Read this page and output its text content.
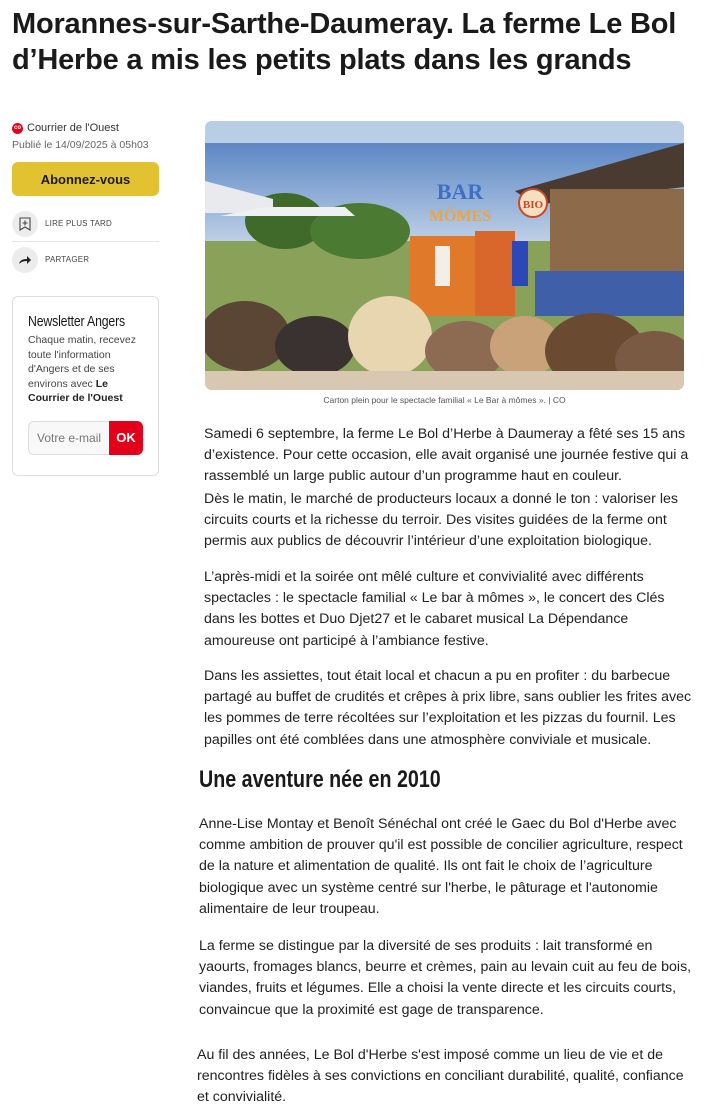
Morannes-sur-Sarthe-Daumeray. La ferme Le Bol d’Herbe a mis les petits plats dans les grands
co Courrier de l'Ouest
Publié le 14/09/2025 à 05h03
Abonnez-vous
LIRE PLUS TARD
PARTAGER
Newsletter Angers
Chaque matin, recevez toute l'information d'Angers et de ses environs avec Le Courrier de l'Ouest
Votre e-mail
OK
BAR
MÔMES
BIO
Carton plein pour le spectacle familial « Le Bar à mômes ». | CO

Samedi 6 septembre, la ferme Le Bol d’Herbe à Daumeray a fêté ses 15 ans d’existence. Pour cette occasion, elle avait organisé une journée festive qui a rassemblé un large public autour d’un programme haut en couleur.

Dès le matin, le marché de producteurs locaux a donné le ton : valoriser les circuits courts et la richesse du terroir. Des visites guidées de la ferme ont permis aux publics de découvrir l’intérieur d’une exploitation biologique.

L’après-midi et la soirée ont mêlé culture et convivialité avec différents spectacles : le spectacle familial « Le bar à mômes », le concert des Clés dans les bottes et Duo Djet27 et le cabaret musical La Dépendance amoureuse ont participé à l’ambiance festive.

Dans les assiettes, tout était local et chacun a pu en profiter : du barbecue partagé au buffet de crudités et crêpes à prix libre, sans oublier les frites avec les pommes de terre récoltées sur l’exploitation et les pizzas du fournil. Les papilles ont été comblées dans une atmosphère conviviale et musicale.

Une aventure née en 2010

Anne-Lise Montay et Benoît Sénéchal ont créé le Gaec du Bol d'Herbe avec comme ambition de prouver qu'il est possible de concilier agriculture, respect de la nature et alimentation de qualité. Ils ont fait le choix de l’agriculture biologique avec un système centré sur l'herbe, le pâturage et l'autonomie alimentaire de leur troupeau.

La ferme se distingue par la diversité de ses produits : lait transformé en yaourts, fromages blancs, beurre et crèmes, pain au levain cuit au feu de bois, viandes, fruits et légumes. Elle a choisi la vente directe et les circuits courts, convaincue que la proximité est gage de transparence.

Au fil des années, Le Bol d'Herbe s'est imposé comme un lieu de vie et de rencontres fidèles à ses convictions en conciliant durabilité, qualité, confiance et convivialité.
